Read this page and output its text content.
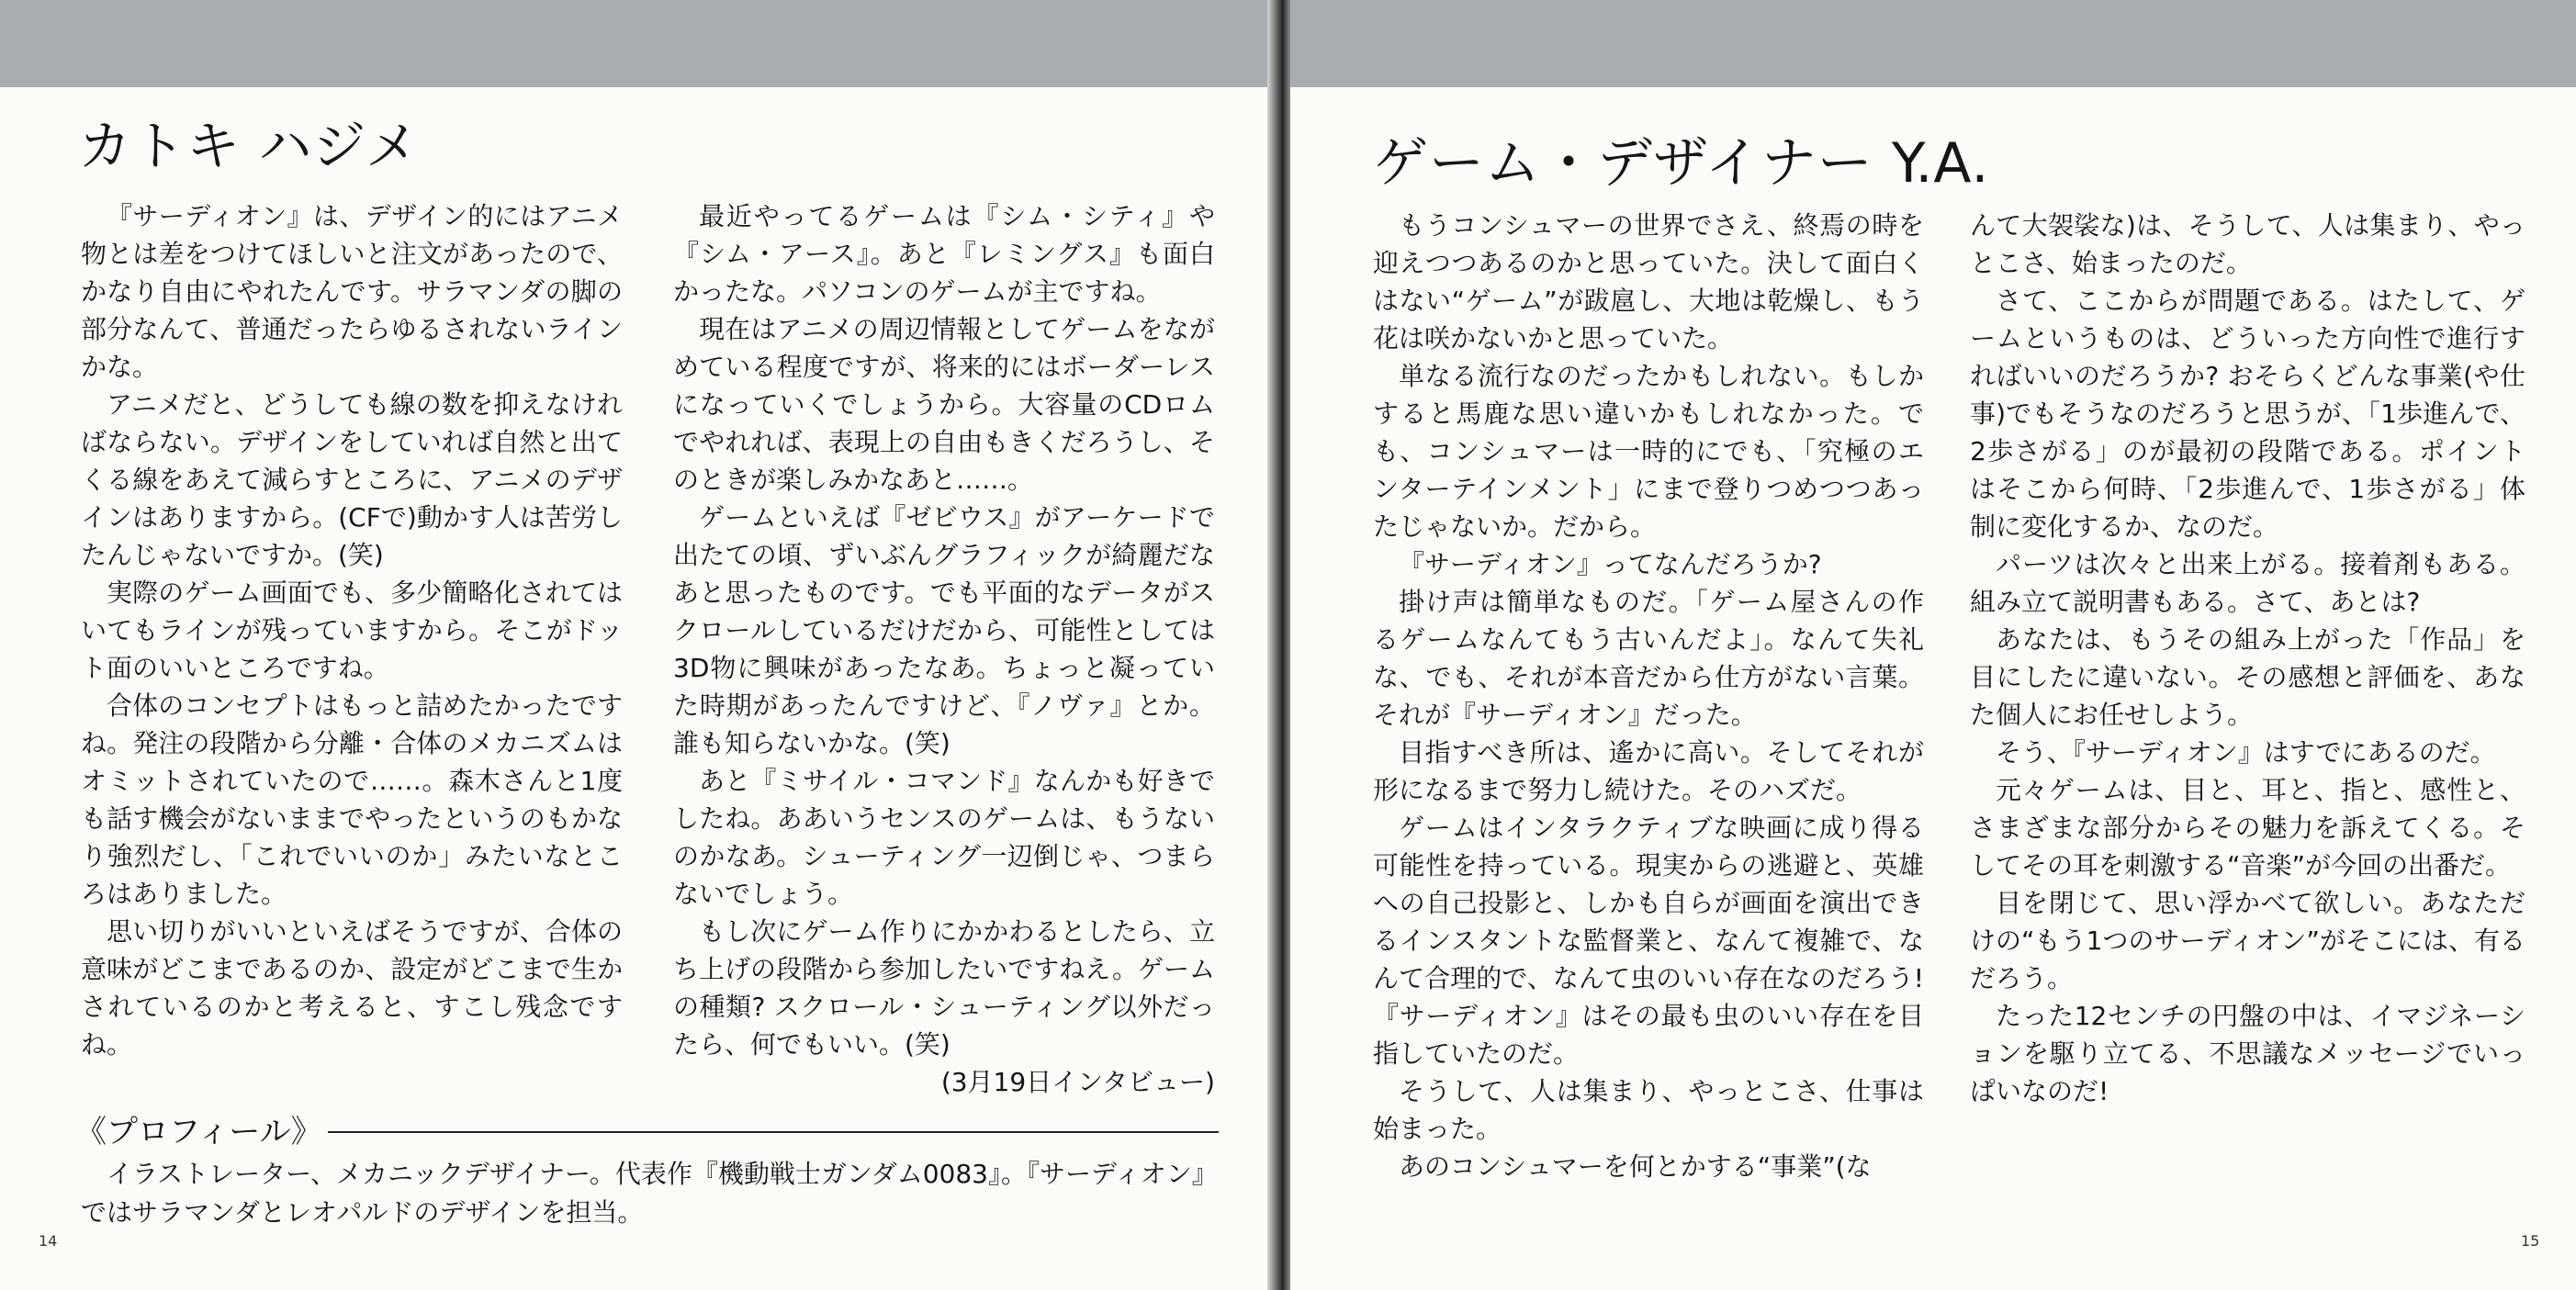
カトキ ハジメ

『サーディオン』は、デザイン的にはアニメ物とは差をつけてほしいと注文があったので、かなり自由にやれたんです。サラマンダの脚の部分なんて、普通だったらゆるされないラインかな。

アニメだと、どうしても線の数を抑えなければならない。デザインをしていれば自然と出てくる線をあえて減らすところに、アニメのデザインはありますから。(CFで)動かす人は苦労したんじゃないですか。(笑)

実際のゲーム画面でも、多少簡略化されてはいてもラインが残っていますから。そこがドット面のいいところですね。

合体のコンセプトはもっと詰めたかったですね。発注の段階から分離・合体のメカニズムはオミットされていたので……。森木さんと1度も話す機会がないままでやったというのもかなり強烈だし、「これでいいのか」みたいなところはありました。

思い切りがいいといえばそうですが、合体の意味がどこまであるのか、設定がどこまで生かされているのかと考えると、すこし残念ですね。

最近やってるゲームは『シム・シティ』や『シム・アース』。あと『レミングス』も面白かったな。パソコンのゲームが主ですね。

現在はアニメの周辺情報としてゲームをながめている程度ですが、将来的にはボーダーレスになっていくでしょうから。大容量のCDロムでやれれば、表現上の自由もきくだろうし、そのときが楽しみかなあと……。

ゲームといえば『ゼビウス』がアーケードで出たての頃、ずいぶんグラフィックが綺麗だなあと思ったものです。でも平面的なデータがスクロールしているだけだから、可能性としては3D物に興味があったなあ。ちょっと凝っていた時期があったんですけど、『ノヴァ』とか。誰も知らないかな。(笑)

あと『ミサイル・コマンド』なんかも好きでしたね。ああいうセンスのゲームは、もうないのかなあ。シューティング一辺倒じゃ、つまらないでしょう。

もし次にゲーム作りにかかわるとしたら、立ち上げの段階から参加したいですねえ。ゲームの種類? スクロール・シューティング以外だったら、何でもいい。(笑)

(3月19日インタビュー)

《プロフィール》

イラストレーター、メカニックデザイナー。代表作『機動戦士ガンダム0083』。『サーディオン』ではサラマンダとレオパルドのデザインを担当。

14
ゲーム・デザイナー Y.A.

もうコンシュマーの世界でさえ、終焉の時を迎えつつあるのかと思っていた。決して面白くはない“ゲーム”が跋扈し、大地は乾燥し、もう花は咲かないかと思っていた。

単なる流行なのだったかもしれない。もしかすると馬鹿な思い違いかもしれなかった。でも、コンシュマーは一時的にでも、「究極のエンターテインメント」にまで登りつめつつあったじゃないか。だから。

『サーディオン』ってなんだろうか?

掛け声は簡単なものだ。「ゲーム屋さんの作るゲームなんてもう古いんだよ」。なんて失礼な、でも、それが本音だから仕方がない言葉。それが『サーディオン』だった。

目指すべき所は、遙かに高い。そしてそれが形になるまで努力し続けた。そのハズだ。

ゲームはインタラクティブな映画に成り得る可能性を持っている。現実からの逃避と、英雄への自己投影と、しかも自らが画面を演出できるインスタントな監督業と、なんて複雑で、なんて合理的で、なんて虫のいい存在なのだろう! 『サーディオン』はその最も虫のいい存在を目指していたのだ。

そうして、人は集まり、やっとこさ、仕事は始まった。

あのコンシュマーを何とかする“事業”(な

んて大袈裟な)は、そうして、人は集まり、やっとこさ、始まったのだ。

さて、ここからが問題である。はたして、ゲームというものは、どういった方向性で進行すればいいのだろうか? おそらくどんな事業(や仕事)でもそうなのだろうと思うが、「1歩進んで、2歩さがる」のが最初の段階である。ポイントはそこから何時、「2歩進んで、1歩さがる」体制に変化するか、なのだ。

パーツは次々と出来上がる。接着剤もある。組み立て説明書もある。さて、あとは?

あなたは、もうその組み上がった「作品」を目にしたに違いない。その感想と評価を、あなた個人にお任せしよう。

そう、『サーディオン』はすでにあるのだ。

元々ゲームは、目と、耳と、指と、感性と、さまざまな部分からその魅力を訴えてくる。そしてその耳を刺激する“音楽”が今回の出番だ。

目を閉じて、思い浮かべて欲しい。あなただけの“もう1つのサーディオン”がそこには、有るだろう。

たった12センチの円盤の中は、イマジネーションを駆り立てる、不思議なメッセージでいっぱいなのだ!

15
